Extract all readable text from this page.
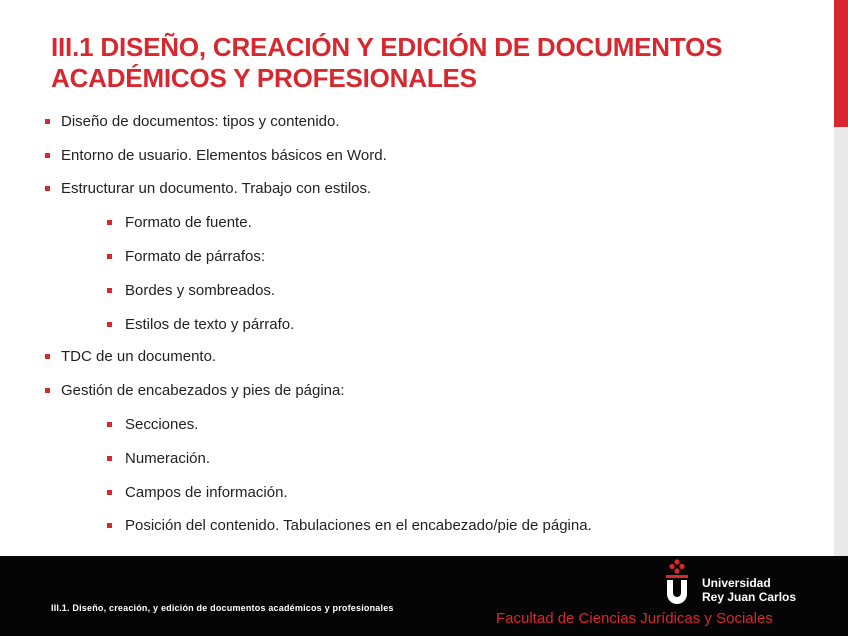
III.1 DISEÑO, CREACIÓN Y EDICIÓN DE DOCUMENTOS
ACADÉMICOS Y PROFESIONALES
Diseño de documentos: tipos y contenido.
Entorno de usuario. Elementos básicos en Word.
Estructurar un documento. Trabajo con estilos.
Formato de fuente.
Formato de párrafos:
Bordes y sombreados.
Estilos de texto y párrafo.
TDC de un documento.
Gestión de encabezados y pies de página:
Secciones.
Numeración.
Campos de información.
Posición del contenido. Tabulaciones en el encabezado/pie de página.
III.1. Diseño, creación, y edición de documentos académicos y profesionales
Universidad
Rey Juan Carlos
Facultad de Ciencias Jurídicas y Sociales
